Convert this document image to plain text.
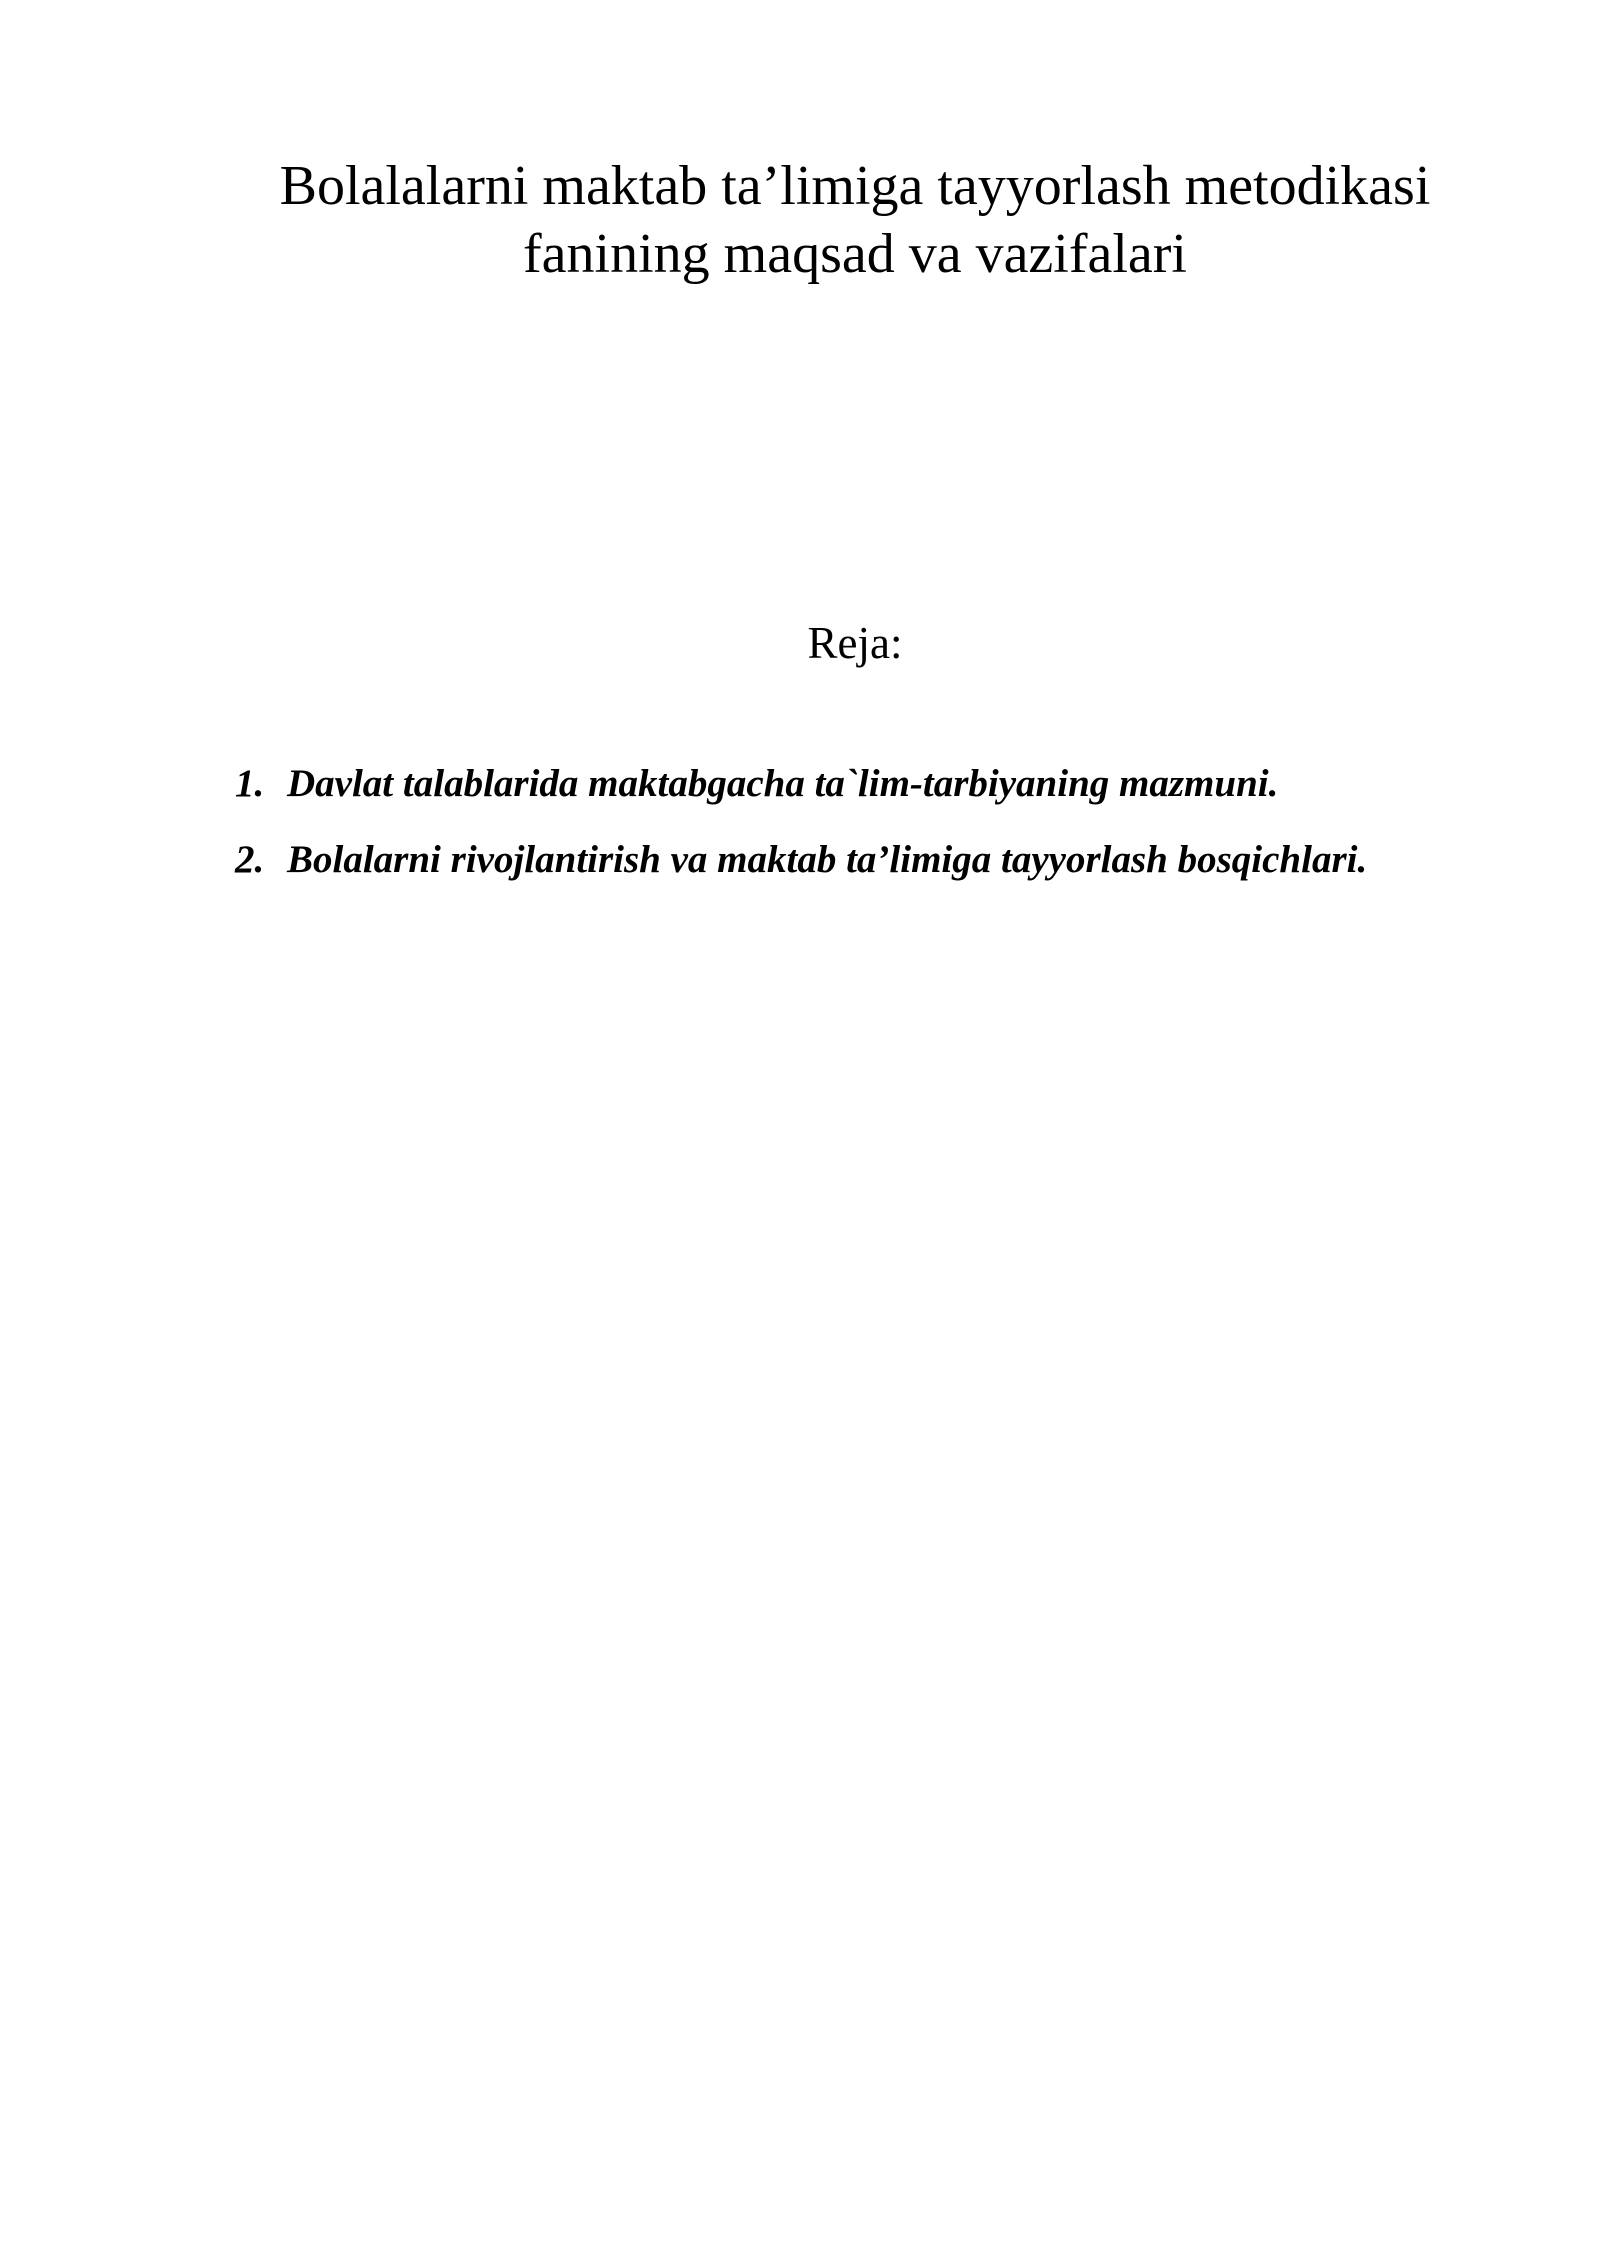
Bolalalarni maktab ta’limiga tayyorlash metodikasi
fanining maqsad va vazifalari
Reja:
1. Davlat talablarida maktabgacha ta`lim-tarbiyaning mazmuni.
2. Bolalarni rivojlantirish va maktab ta’limiga tayyorlash bosqichlari.
